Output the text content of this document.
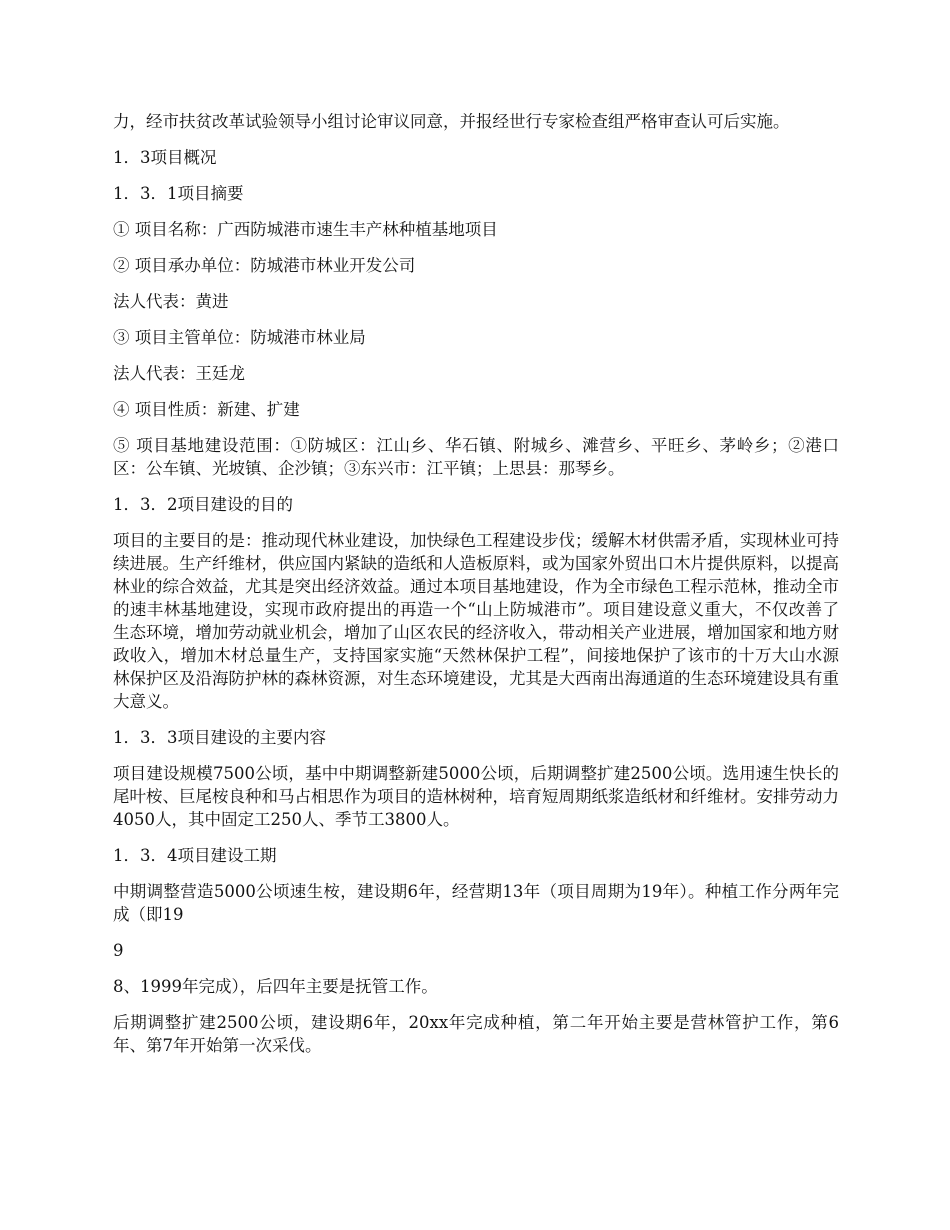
力，经市扶贫改革试验领导小组讨论审议同意，并报经世行专家检查组严格审查认可后实施。

1．3项目概况

1．3．1项目摘要

① 项目名称：广西防城港市速生丰产林种植基地项目

② 项目承办单位：防城港市林业开发公司

法人代表：黄进

③ 项目主管单位：防城港市林业局

法人代表：王廷龙

④ 项目性质：新建、扩建

⑤ 项目基地建设范围：①防城区：江山乡、华石镇、附城乡、滩营乡、平旺乡、茅岭乡；②港口区：公车镇、光坡镇、企沙镇；③东兴市：江平镇；上思县：那琴乡。

1．3．2项目建设的目的

项目的主要目的是：推动现代林业建设，加快绿色工程建设步伐；缓解木材供需矛盾，实现林业可持续进展。生产纤维材，供应国内紧缺的造纸和人造板原料，或为国家外贸出口木片提供原料，以提高林业的综合效益，尤其是突出经济效益。通过本项目基地建设，作为全市绿色工程示范林，推动全市的速丰林基地建设，实现市政府提出的再造一个“山上防城港市”。项目建设意义重大，不仅改善了生态环境，增加劳动就业机会，增加了山区农民的经济收入，带动相关产业进展，增加国家和地方财政收入，增加木材总量生产，支持国家实施“天然林保护工程”，间接地保护了该市的十万大山水源林保护区及沿海防护林的森林资源，对生态环境建设，尤其是大西南出海通道的生态环境建设具有重大意义。

1．3．3项目建设的主要内容

项目建设规模7500公顷，基中中期调整新建5000公顷，后期调整扩建2500公顷。选用速生快长的尾叶桉、巨尾桉良种和马占相思作为项目的造林树种，培育短周期纸浆造纸材和纤维材。安排劳动力4050人，其中固定工250人、季节工3800人。

1．3．4项目建设工期

中期调整营造5000公顷速生桉，建设期6年，经营期13年（项目周期为19年）。种植工作分两年完成（即19

9

8、1999年完成），后四年主要是抚管工作。

后期调整扩建2500公顷，建设期6年，20xx年完成种植，第二年开始主要是营林管护工作，第6年、第7年开始第一次采伐。
